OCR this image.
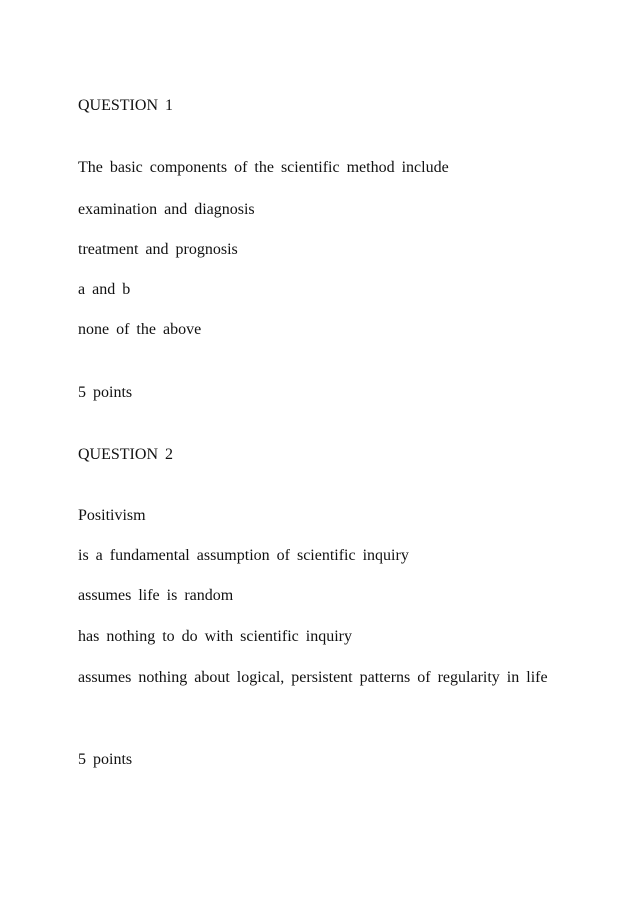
QUESTION 1
The basic components of the scientific method include
examination and diagnosis
treatment and prognosis
a and b
none of the above
5 points
QUESTION 2
Positivism
is a fundamental assumption of scientific inquiry
assumes life is random
has nothing to do with scientific inquiry
assumes nothing about logical, persistent patterns of regularity in life
5 points
